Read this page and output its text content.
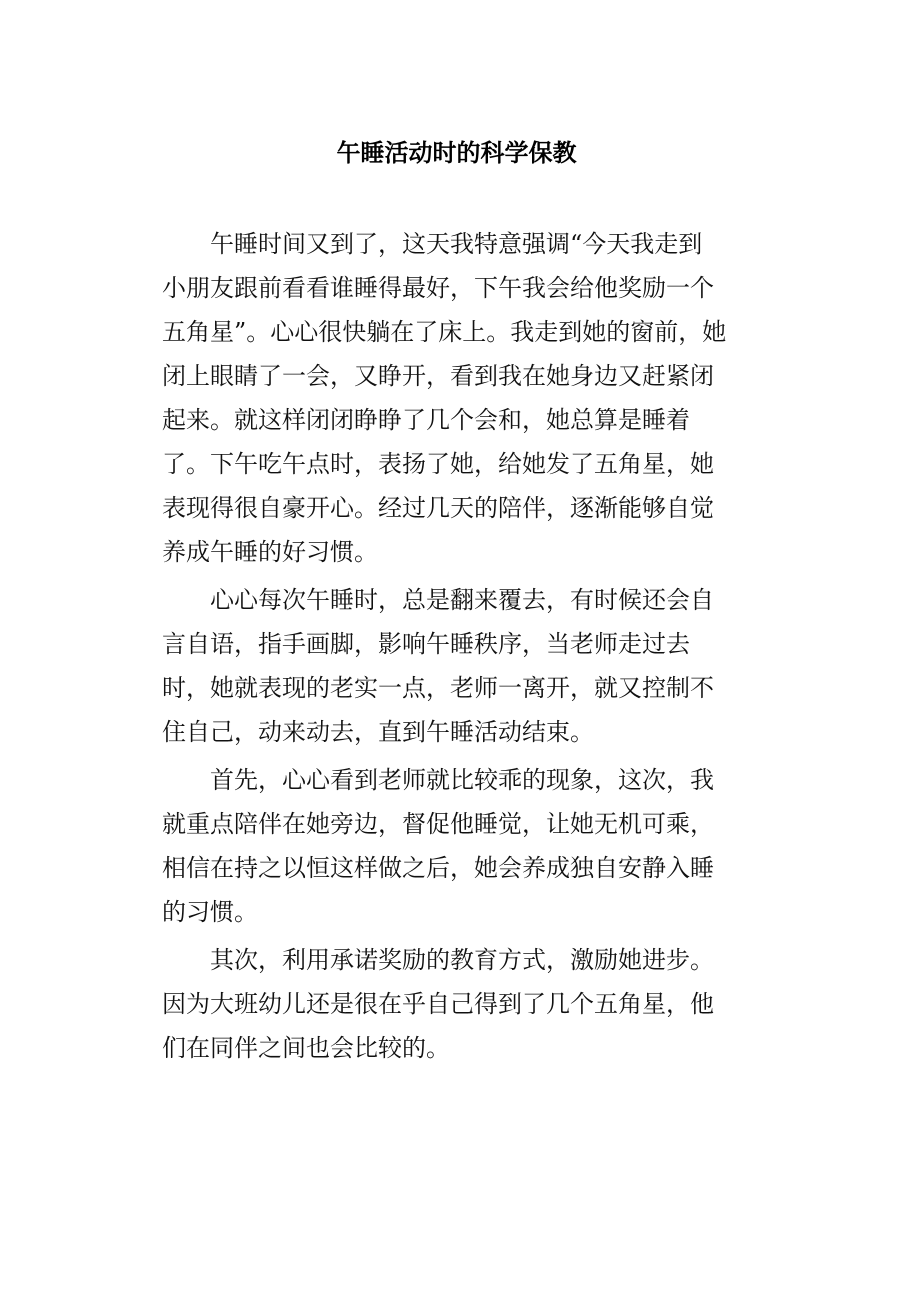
午睡活动时的科学保教

　　午睡时间又到了，这天我特意强调“今天我走到

小朋友跟前看看谁睡得最好，下午我会给他奖励一个

五角星”。心心很快躺在了床上。我走到她的窗前，她

闭上眼睛了一会，又睁开，看到我在她身边又赶紧闭

起来。就这样闭闭睁睁了几个会和，她总算是睡着

了。下午吃午点时，表扬了她，给她发了五角星，她

表现得很自豪开心。经过几天的陪伴，逐渐能够自觉

养成午睡的好习惯。

　　心心每次午睡时，总是翻来覆去，有时候还会自

言自语，指手画脚，影响午睡秩序，当老师走过去

时，她就表现的老实一点，老师一离开，就又控制不

住自己，动来动去，直到午睡活动结束。

　　首先，心心看到老师就比较乖的现象，这次，我

就重点陪伴在她旁边，督促他睡觉，让她无机可乘，

相信在持之以恒这样做之后，她会养成独自安静入睡

的习惯。

　　其次，利用承诺奖励的教育方式，激励她进步。

因为大班幼儿还是很在乎自己得到了几个五角星，他

们在同伴之间也会比较的。
